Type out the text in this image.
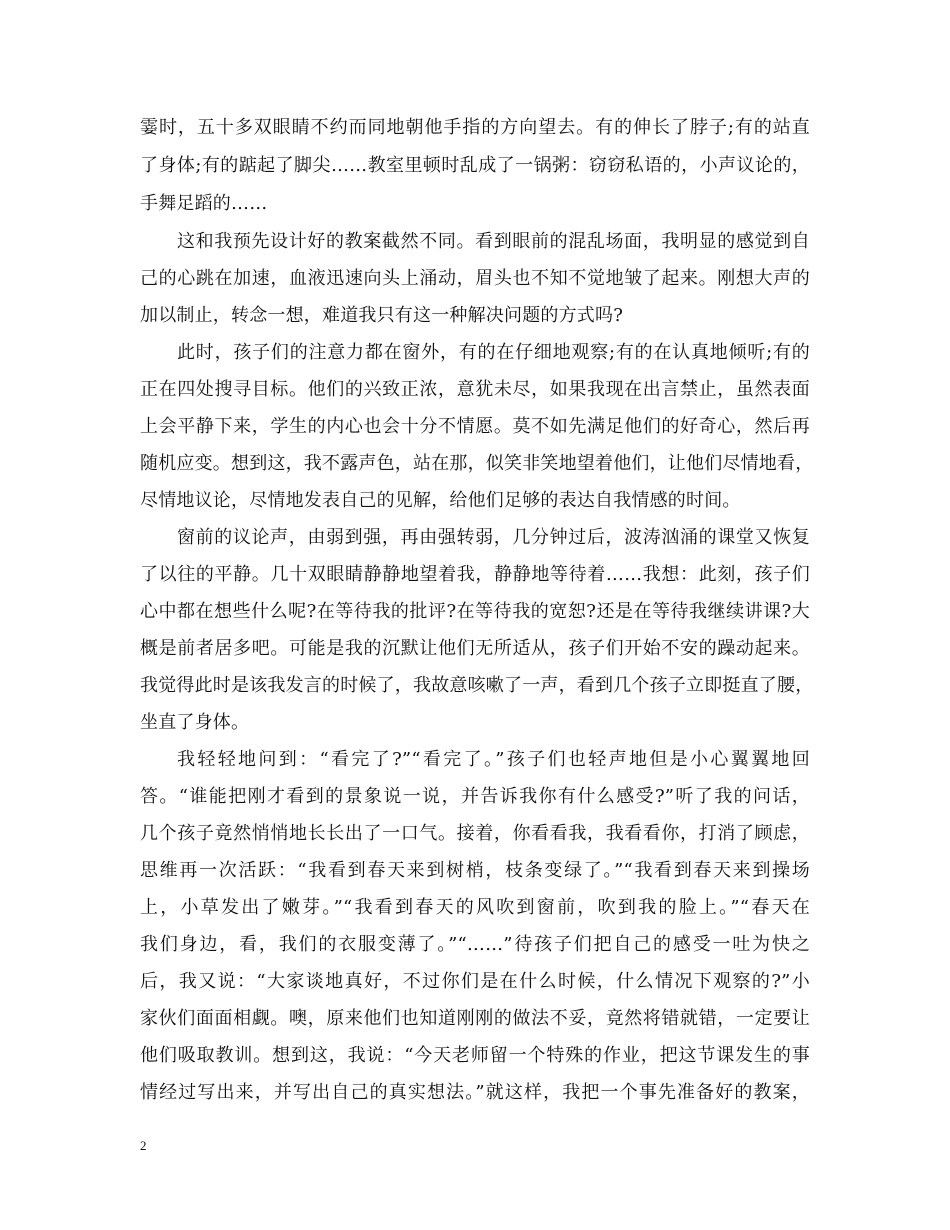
霎时，五十多双眼睛不约而同地朝他手指的方向望去。有的伸长了脖子;有的站直
了身体;有的踮起了脚尖……教室里顿时乱成了一锅粥：窃窃私语的，小声议论的，
手舞足蹈的……
这和我预先设计好的教案截然不同。看到眼前的混乱场面，我明显的感觉到自
己的心跳在加速，血液迅速向头上涌动，眉头也不知不觉地皱了起来。刚想大声的
加以制止，转念一想，难道我只有这一种解决问题的方式吗?
此时，孩子们的注意力都在窗外，有的在仔细地观察;有的在认真地倾听;有的
正在四处搜寻目标。他们的兴致正浓，意犹未尽，如果我现在出言禁止，虽然表面
上会平静下来，学生的内心也会十分不情愿。莫不如先满足他们的好奇心，然后再
随机应变。想到这，我不露声色，站在那，似笑非笑地望着他们，让他们尽情地看，
尽情地议论，尽情地发表自己的见解，给他们足够的表达自我情感的时间。
窗前的议论声，由弱到强，再由强转弱，几分钟过后，波涛汹涌的课堂又恢复
了以往的平静。几十双眼睛静静地望着我，静静地等待着……我想：此刻，孩子们
心中都在想些什么呢?在等待我的批评?在等待我的宽恕?还是在等待我继续讲课?大
概是前者居多吧。可能是我的沉默让他们无所适从，孩子们开始不安的躁动起来。
我觉得此时是该我发言的时候了，我故意咳嗽了一声，看到几个孩子立即挺直了腰，
坐直了身体。
我轻轻地问到：“看完了?”“看完了。”孩子们也轻声地但是小心翼翼地回
答。“谁能把刚才看到的景象说一说，并告诉我你有什么感受?”听了我的问话，
几个孩子竟然悄悄地长长出了一口气。接着，你看看我，我看看你，打消了顾虑，
思维再一次活跃：“我看到春天来到树梢，枝条变绿了。”“我看到春天来到操场
上，小草发出了嫩芽。”“我看到春天的风吹到窗前，吹到我的脸上。”“春天在
我们身边，看，我们的衣服变薄了。”“……”待孩子们把自己的感受一吐为快之
后，我又说：“大家谈地真好，不过你们是在什么时候，什么情况下观察的?”小
家伙们面面相觑。噢，原来他们也知道刚刚的做法不妥，竟然将错就错，一定要让
他们吸取教训。想到这，我说：“今天老师留一个特殊的作业，把这节课发生的事
情经过写出来，并写出自己的真实想法。”就这样，我把一个事先准备好的教案，
2
